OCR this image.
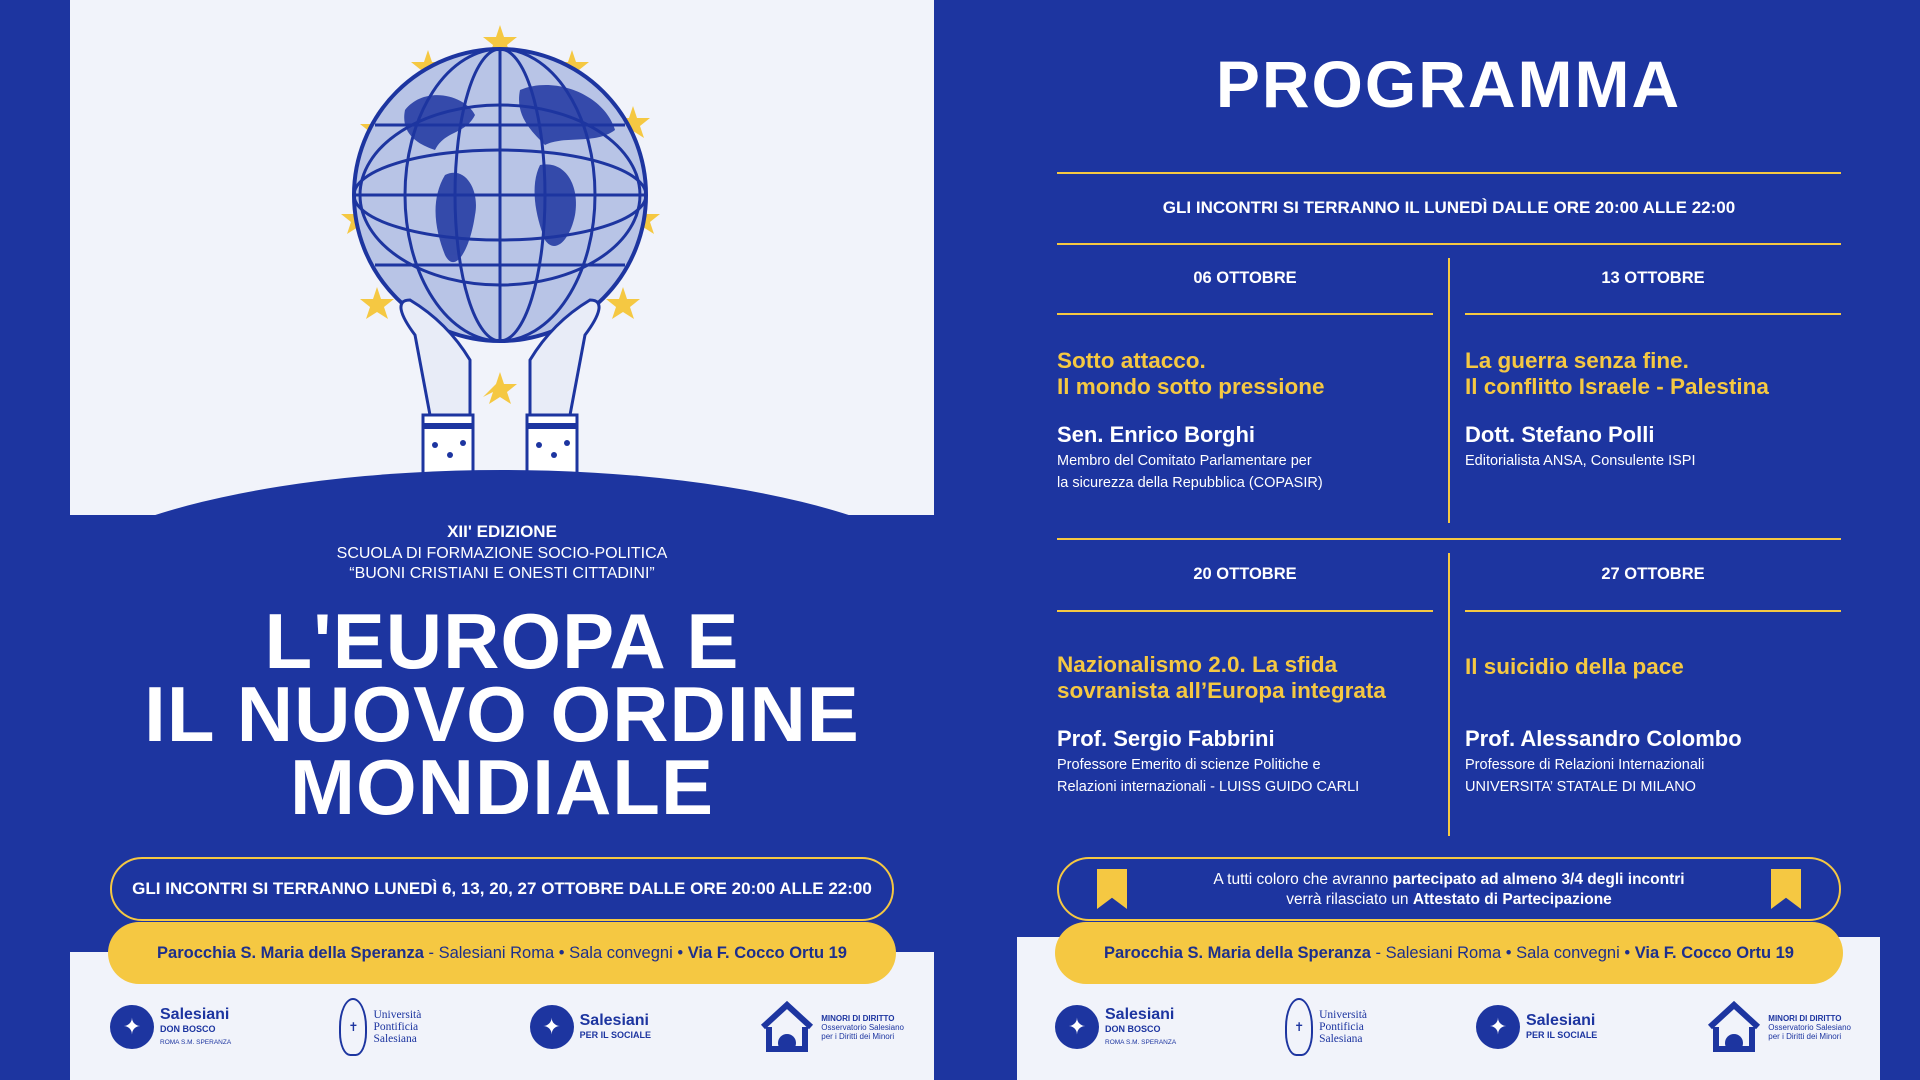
XII' EDIZIONE
SCUOLA DI FORMAZIONE SOCIO-POLITICA
“BUONI CRISTIANI E ONESTI CITTADINI”
L'EUROPA E
IL NUOVO ORDINE
MONDIALE
GLI INCONTRI SI TERRANNO LUNEDÌ 6, 13, 20, 27 OTTOBRE DALLE ORE 20:00 ALLE 22:00
Parocchia S. Maria della Speranza - Salesiani Roma • Sala convegni • Via F. Cocco Ortu 19
✦	Salesiani
DON BOSCO
ROMA S.M. SPERANZA
✝
Università
Pontificia
Salesiana	✦	Salesiani
PER IL SOCIALE
MINORI DI DIRITTO
Osservatorio Salesiano
per i Diritti dei Minori
PROGRAMMA
GLI INCONTRI SI TERRANNO IL LUNEDÌ DALLE ORE 20:00 ALLE 22:00
06 OTTOBRE
Sotto attacco.
Il mondo sotto pressione
Sen. Enrico Borghi
Membro del Comitato Parlamentare per
la sicurezza della Repubblica (COPASIR)
13 OTTOBRE
La guerra senza fine.
Il conflitto Israele - Palestina
Dott. Stefano Polli
Editorialista ANSA, Consulente ISPI
20 OTTOBRE
Nazionalismo 2.0. La sfida
sovranista all’Europa integrata
Prof. Sergio Fabbrini
Professore Emerito di scienze Politiche e
Relazioni internazionali - LUISS GUIDO CARLI
27 OTTOBRE
Il suicidio della pace
Prof. Alessandro Colombo
Professore di Relazioni Internazionali
UNIVERSITA’ STATALE DI MILANO
A tutti coloro che avranno partecipato ad almeno 3/4 degli incontri
verrà rilasciato un Attestato di Partecipazione
Parocchia S. Maria della Speranza - Salesiani Roma • Sala convegni • Via F. Cocco Ortu 19
✦	Salesiani
DON BOSCO
ROMA S.M. SPERANZA
✝
Università
Pontificia
Salesiana	✦	Salesiani
PER IL SOCIALE
MINORI DI DIRITTO
Osservatorio Salesiano
per i Diritti dei Minori
